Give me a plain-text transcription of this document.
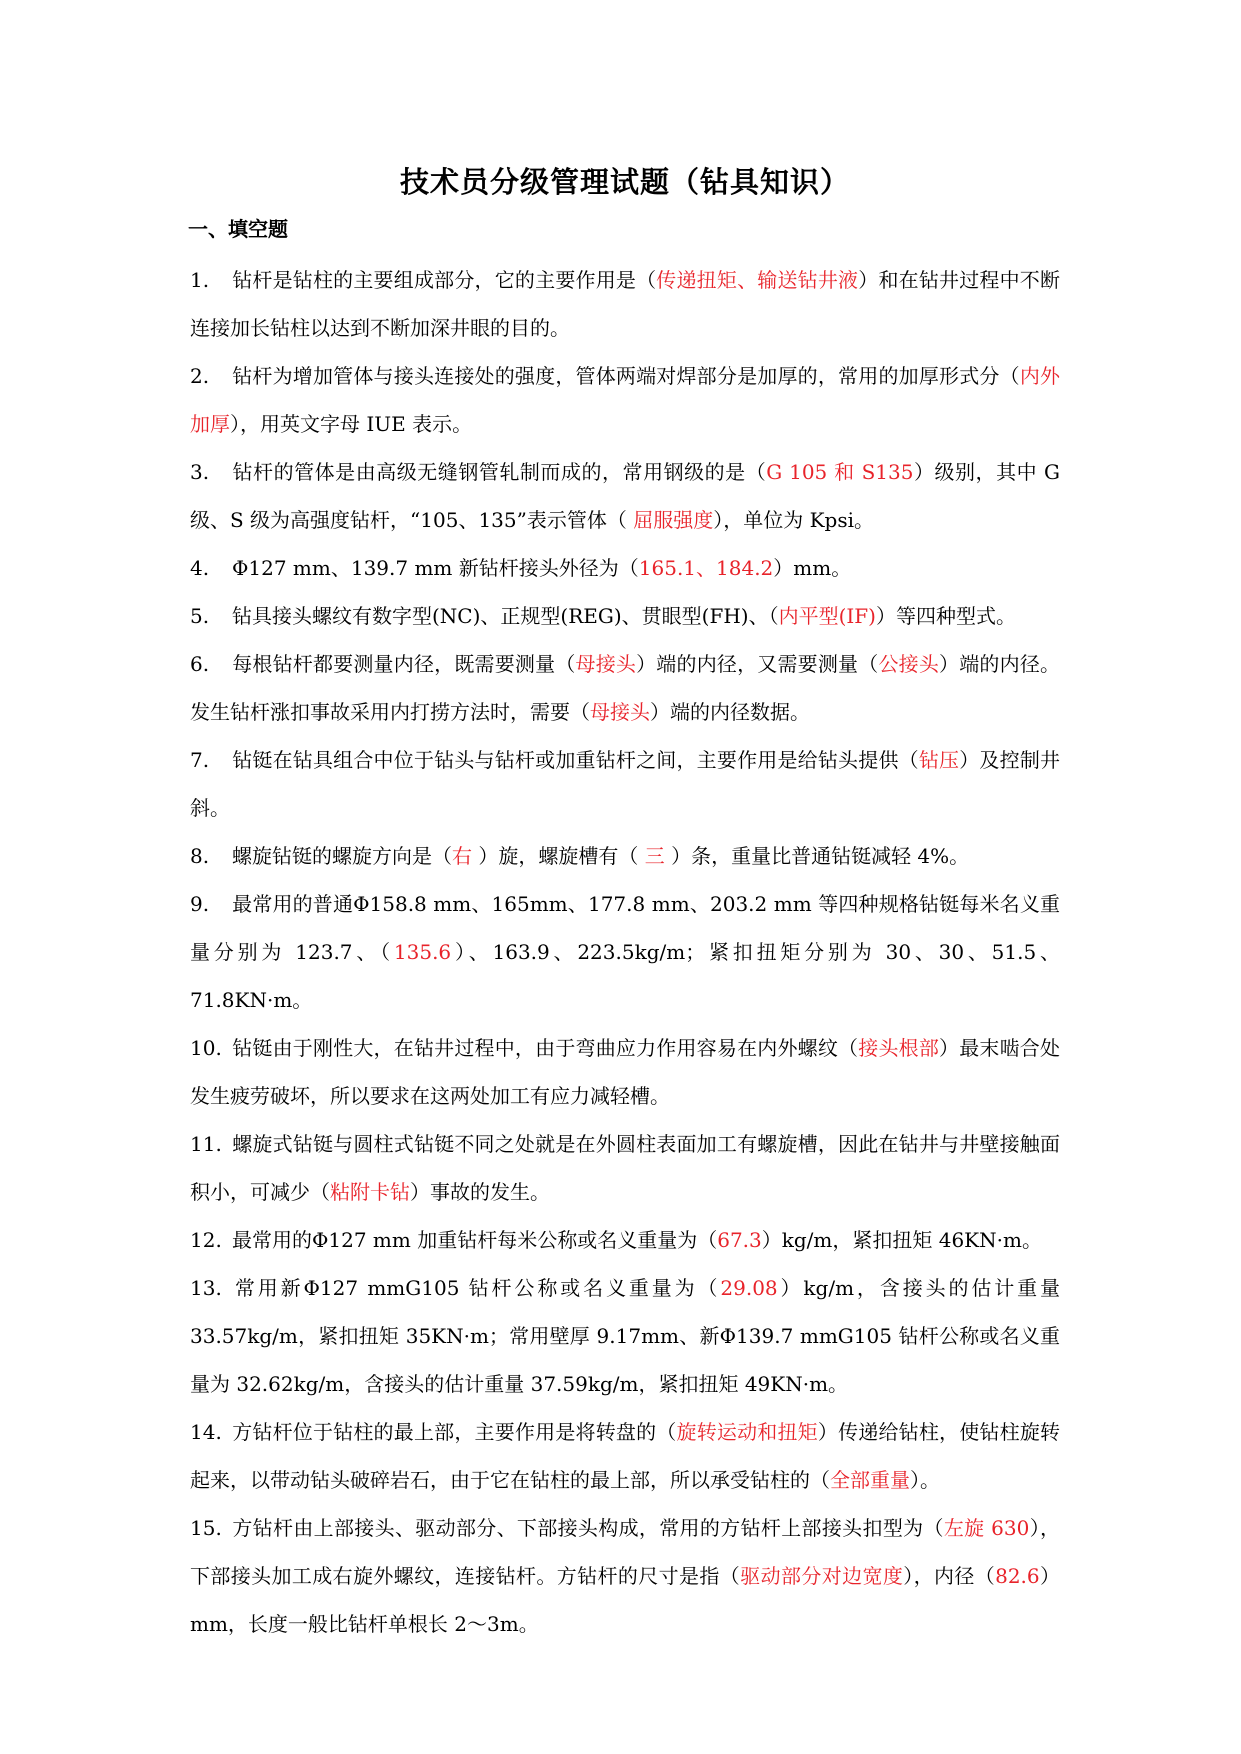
技术员分级管理试题（钻具知识）
一、填空题

1. 钻杆是钻柱的主要组成部分，它的主要作用是（传递扭矩、输送钻井液）和在钻井过程中不断连接加长钻柱以达到不断加深井眼的目的。

2. 钻杆为增加管体与接头连接处的强度，管体两端对焊部分是加厚的，常用的加厚形式分（内外加厚），用英文字母 IUE 表示。

3. 钻杆的管体是由高级无缝钢管轧制而成的，常用钢级的是（G 105 和 S135）级别，其中 G 级、S 级为高强度钻杆，“105、135”表示管体（ 屈服强度），单位为 Kpsi。

4. Φ127 mm、139.7 mm 新钻杆接头外径为（165.1、184.2）mm。

5. 钻具接头螺纹有数字型(NC)、正规型(REG)、贯眼型(FH)、（内平型(IF)）等四种型式。

6. 每根钻杆都要测量内径，既需要测量（母接头）端的内径，又需要测量（公接头）端的内径。发生钻杆涨扣事故采用内打捞方法时，需要（母接头）端的内径数据。

7. 钻铤在钻具组合中位于钻头与钻杆或加重钻杆之间，主要作用是给钻头提供（钻压）及控制井斜。

8. 螺旋钻铤的螺旋方向是（右 ）旋，螺旋槽有（ 三 ）条，重量比普通钻铤减轻 4%。

9. 最常用的普通Φ158.8 mm、165mm、177.8 mm、203.2 mm 等四种规格钻铤每米名义重量分别为 123.7、（135.6）、163.9、223.5kg/m；紧扣扭矩分别为 30、30、51.5、71.8KN·m。

10. 钻铤由于刚性大，在钻井过程中，由于弯曲应力作用容易在内外螺纹（接头根部）最末啮合处发生疲劳破坏，所以要求在这两处加工有应力减轻槽。

11. 螺旋式钻铤与圆柱式钻铤不同之处就是在外圆柱表面加工有螺旋槽，因此在钻井与井壁接触面积小，可减少（粘附卡钻）事故的发生。

12. 最常用的Φ127 mm 加重钻杆每米公称或名义重量为（67.3）kg/m，紧扣扭矩 46KN·m。

13. 常用新Φ127 mmG105 钻杆公称或名义重量为（29.08）kg/m，含接头的估计重量 33.57kg/m，紧扣扭矩 35KN·m；常用壁厚 9.17mm、新Φ139.7 mmG105 钻杆公称或名义重量为 32.62kg/m，含接头的估计重量 37.59kg/m，紧扣扭矩 49KN·m。

14. 方钻杆位于钻柱的最上部，主要作用是将转盘的（旋转运动和扭矩）传递给钻柱，使钻柱旋转起来，以带动钻头破碎岩石，由于它在钻柱的最上部，所以承受钻柱的（全部重量）。

15. 方钻杆由上部接头、驱动部分、下部接头构成，常用的方钻杆上部接头扣型为（左旋 630），下部接头加工成右旋外螺纹，连接钻杆。方钻杆的尺寸是指（驱动部分对边宽度），内径（82.6）mm，长度一般比钻杆单根长 2～3m。
